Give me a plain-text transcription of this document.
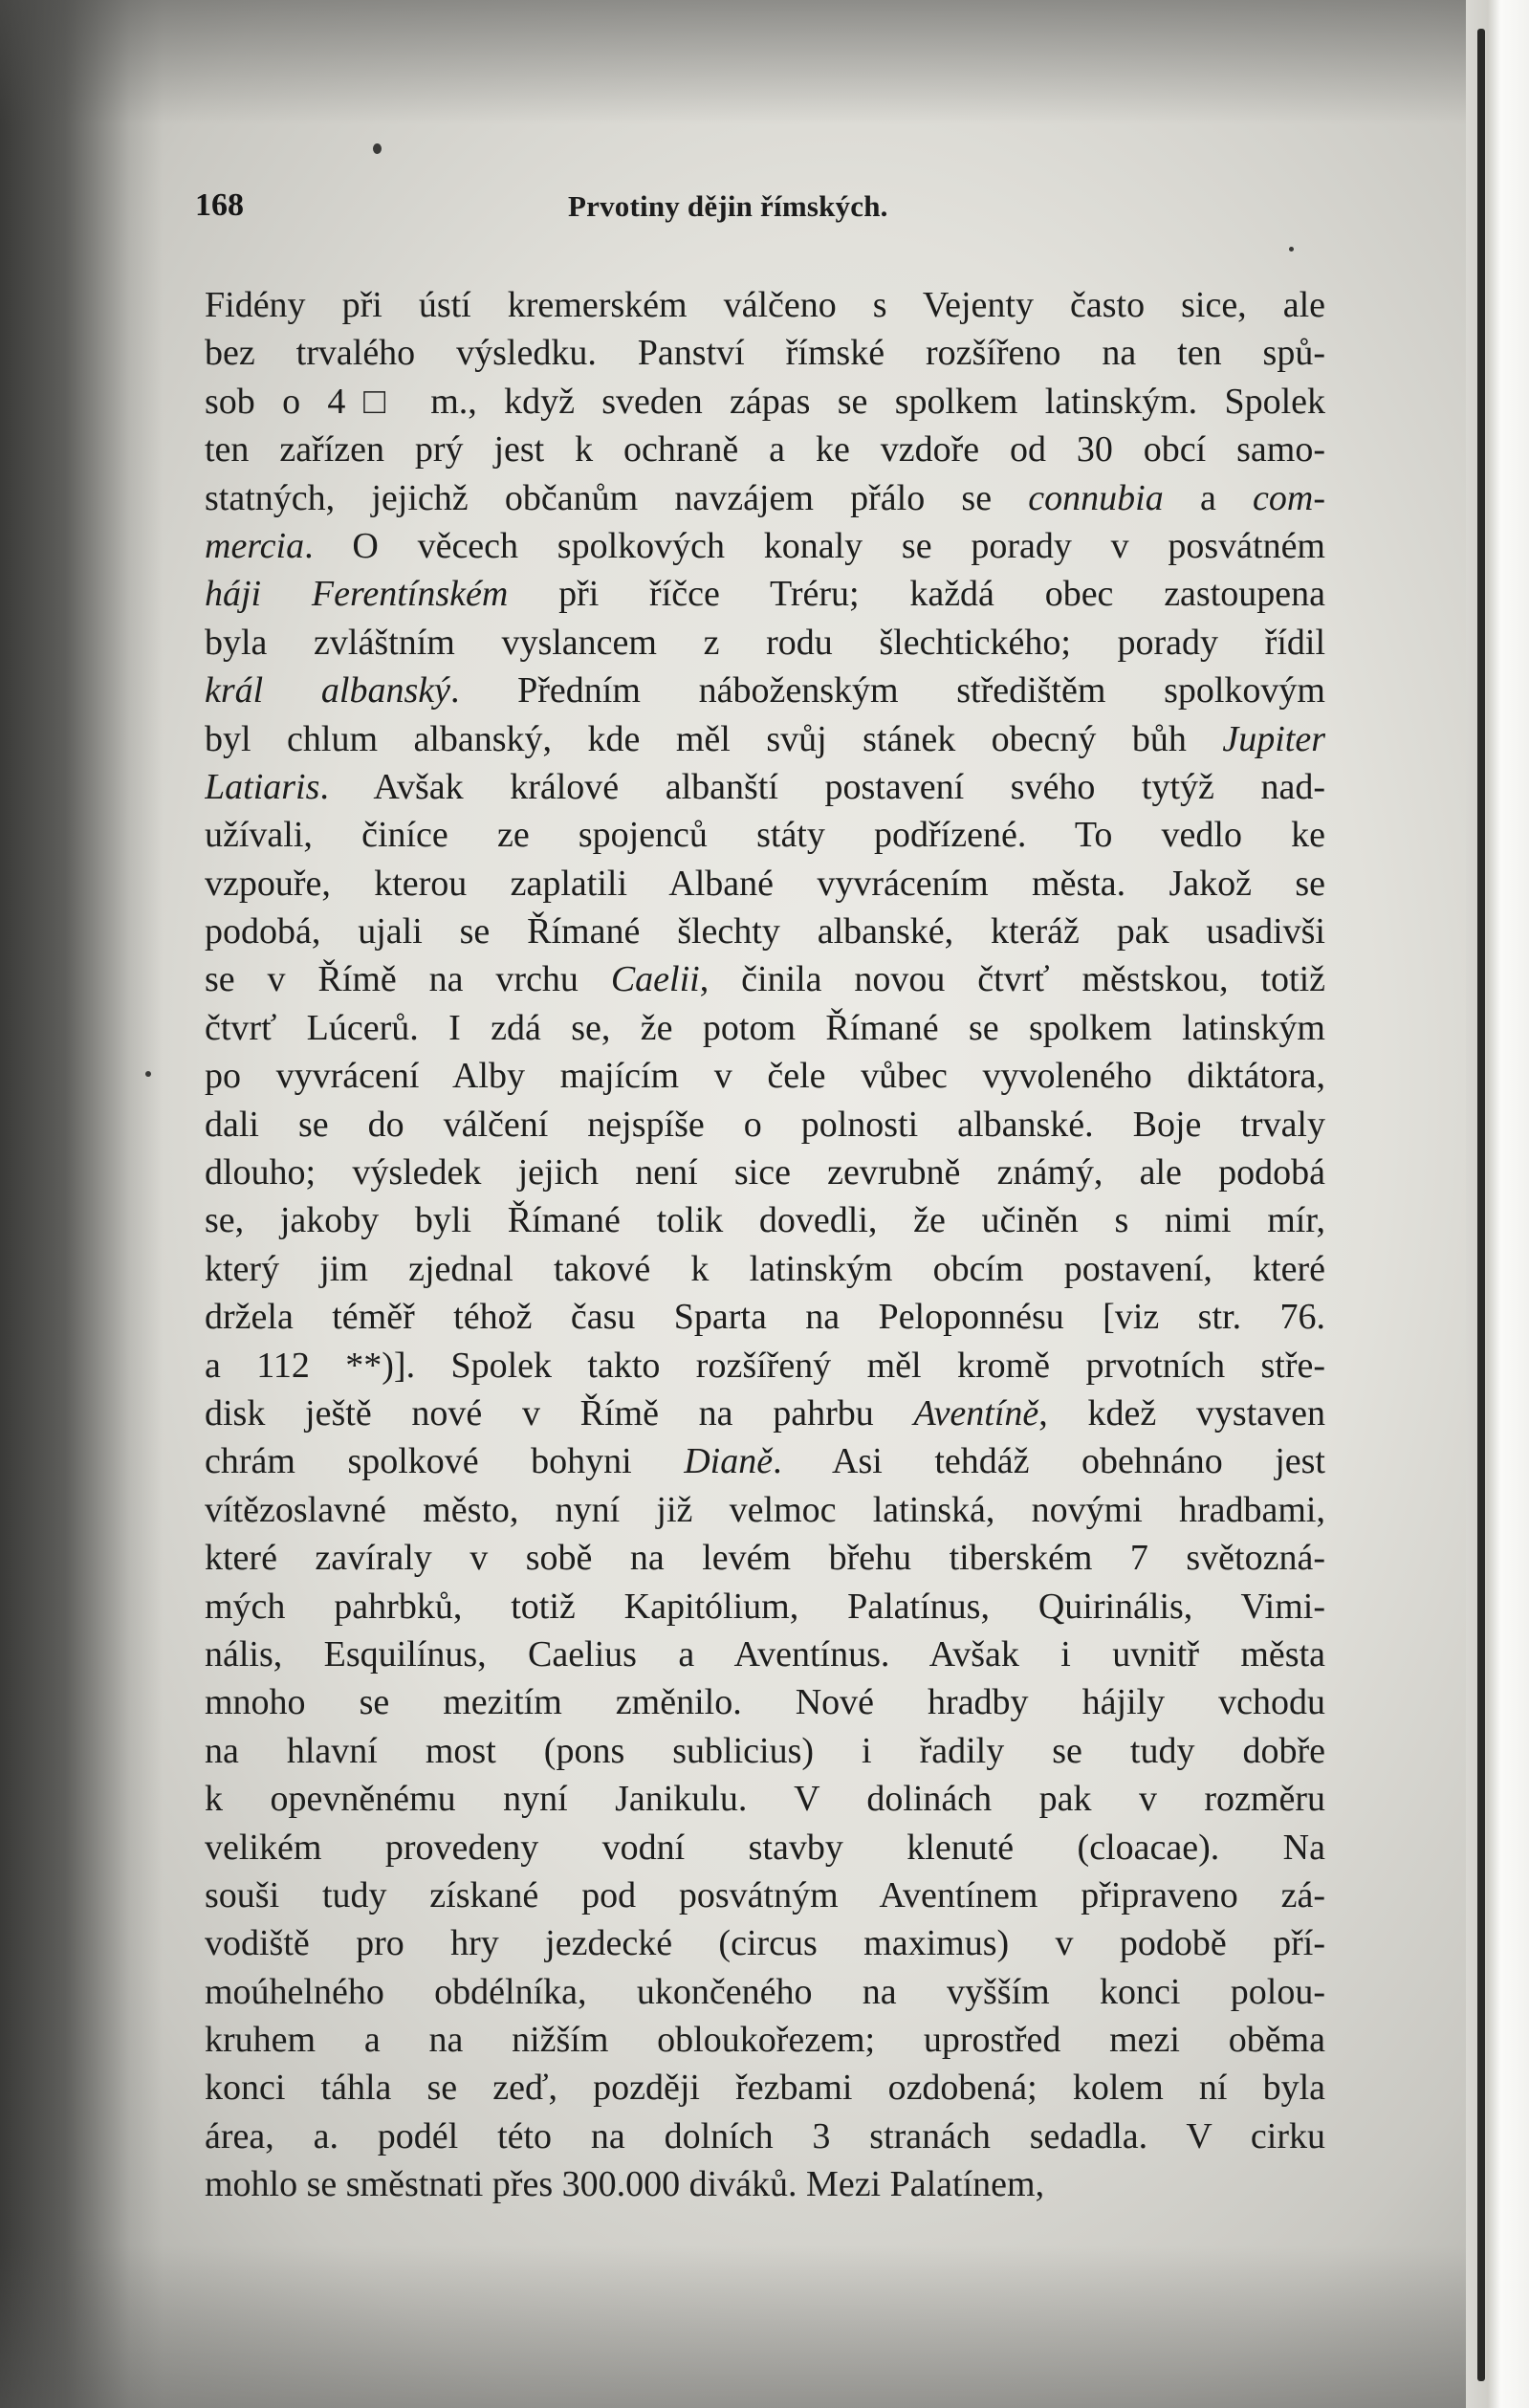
168	Prvotiny dějin římských.
Fidény při ústí kremerském válčeno s Vejenty často sice, ale
bez trvalého výsledku. Panství římské rozšířeno na ten spů-
sob o 4□ m., když sveden zápas se spolkem latinským. Spolek
ten zařízen prý jest k ochraně a ke vzdoře od 30 obcí samo-
statných, jejichž občanům navzájem přálo se connubia a com-
mercia. O věcech spolkových konaly se porady v posvátném
háji Ferentínském při říčce Tréru; každá obec zastoupena
byla zvláštním vyslancem z rodu šlechtického; porady řídil
král albanský. Předním náboženským středištěm spolkovým
byl chlum albanský, kde měl svůj stánek obecný bůh Jupiter
Latiaris. Avšak králové albanští postavení svého tytýž nad-
užívali, činíce ze spojenců státy podřízené. To vedlo ke
vzpouře, kterou zaplatili Albané vyvrácením města. Jakož se
podobá, ujali se Římané šlechty albanské, kteráž pak usadivši
se v Římě na vrchu Caelii, činila novou čtvrť městskou, totiž
čtvrť Lúcerů. I zdá se, že potom Římané se spolkem latinským
po vyvrácení Alby majícím v čele vůbec vyvoleného diktátora,
dali se do válčení nejspíše o polnosti albanské. Boje trvaly
dlouho; výsledek jejich není sice zevrubně známý, ale podobá
se, jakoby byli Římané tolik dovedli, že učiněn s nimi mír,
který jim zjednal takové k latinským obcím postavení, které
držela téměř téhož času Sparta na Peloponnésu [viz str. 76.
a 112 **)]. Spolek takto rozšířený měl kromě prvotních stře-
disk ještě nové v Římě na pahrbu Aventíně, kdež vystaven
chrám spolkové bohyni Dianě. Asi tehdáž obehnáno jest
vítězoslavné město, nyní již velmoc latinská, novými hradbami,
které zavíraly v sobě na levém břehu tiberském 7 světozná-
mých pahrbků, totiž Kapitólium, Palatínus, Quirinális, Vimi-
nális, Esquilínus, Caelius a Aventínus. Avšak i uvnitř města
mnoho se mezitím změnilo. Nové hradby hájily vchodu
na hlavní most (pons sublicius) i řadily se tudy dobře
k opevněnému nyní Janikulu. V dolinách pak v rozměru
velikém provedeny vodní stavby klenuté (cloacae). Na
souši tudy získané pod posvátným Aventínem připraveno zá-
vodiště pro hry jezdecké (circus maximus) v podobě pří-
moúhelného obdélníka, ukončeného na vyšším konci polou-
kruhem a na nižším obloukořezem; uprostřed mezi oběma
konci táhla se zeď, později řezbami ozdobená; kolem ní byla
área, a. podél této na dolních 3 stranách sedadla. V cirku
mohlo se směstnati přes 300.000 diváků. Mezi Palatínem,
